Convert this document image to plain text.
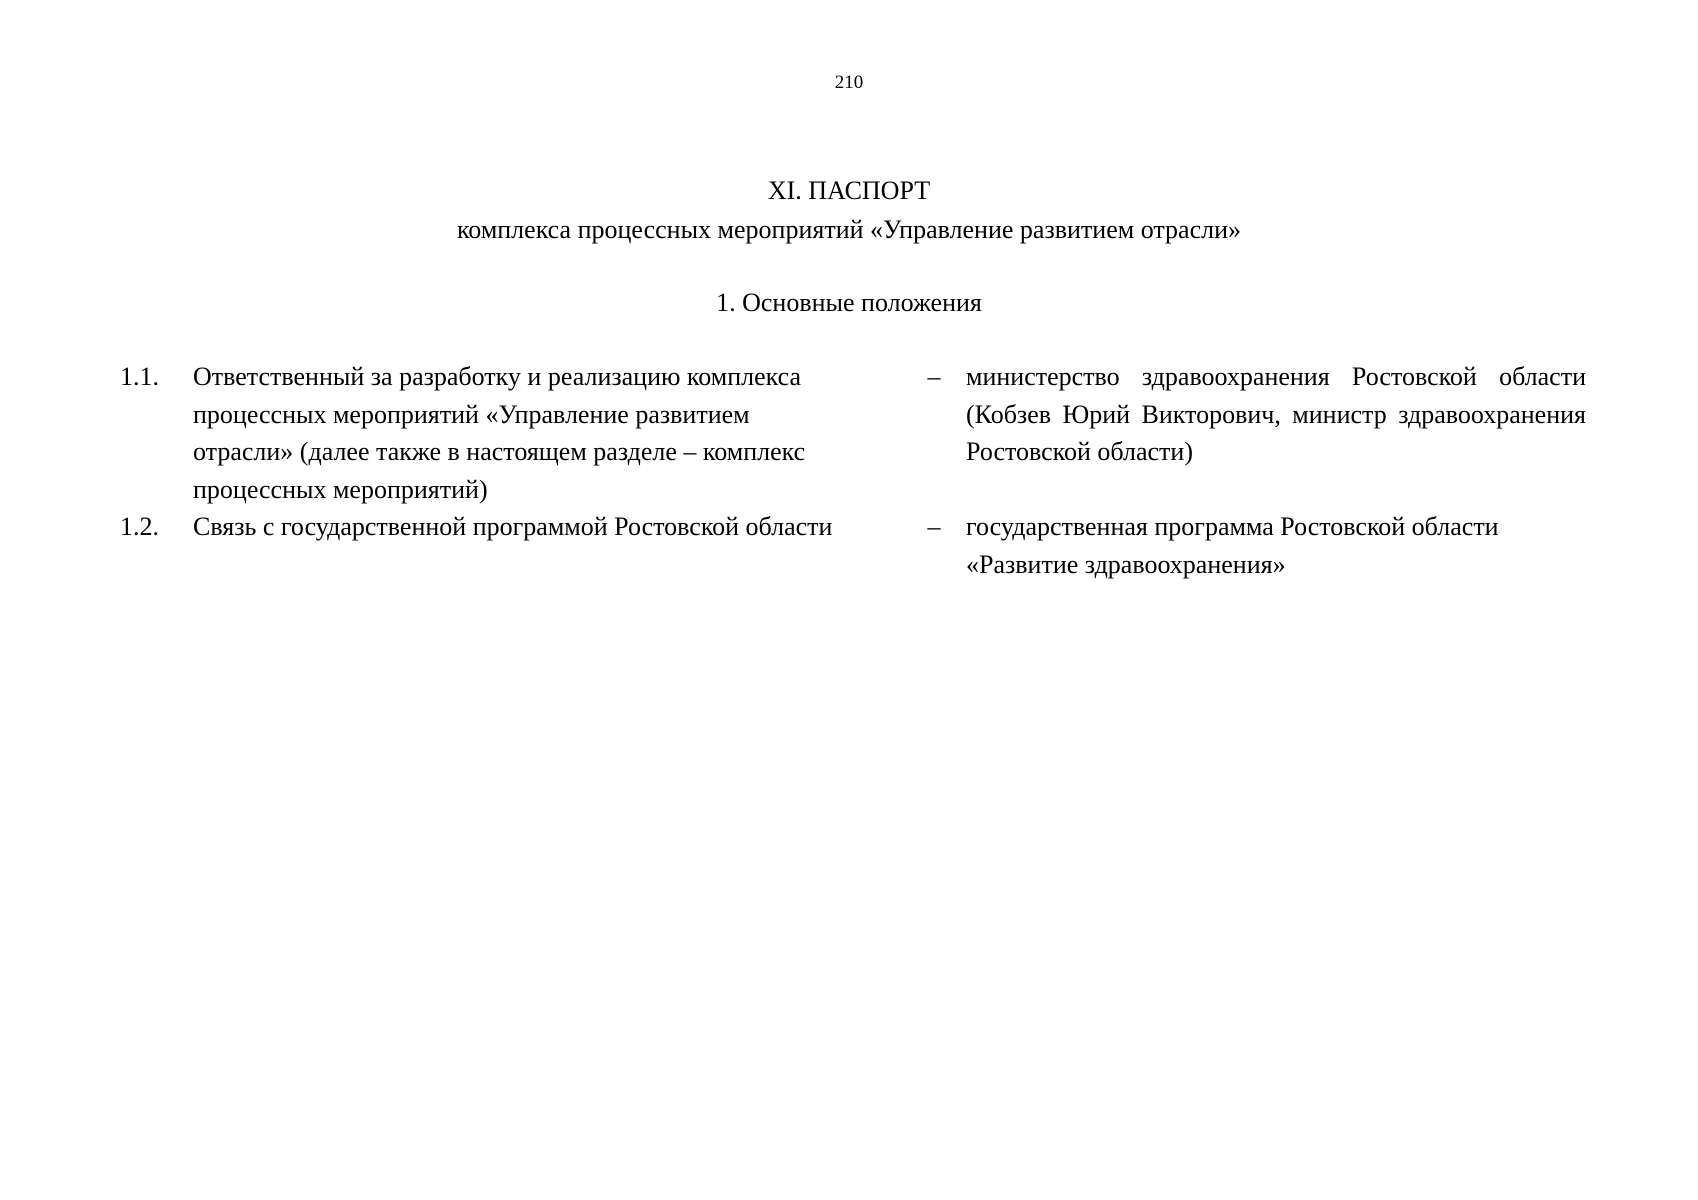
210
XI. ПАСПОРТ
комплекса процессных мероприятий «Управление развитием отрасли»
1. Основные положения
1.1. Ответственный за разработку и реализацию комплекса
процессных мероприятий «Управление развитием
отрасли» (далее также в настоящем разделе – комплекс
процессных мероприятий)
– министерство здравоохранения Ростовской области (Кобзев Юрий Викторович, министр здравоохранения Ростовской области)
1.2. Связь с государственной программой Ростовской области	– государственная программа Ростовской области
«Развитие здравоохранения»
